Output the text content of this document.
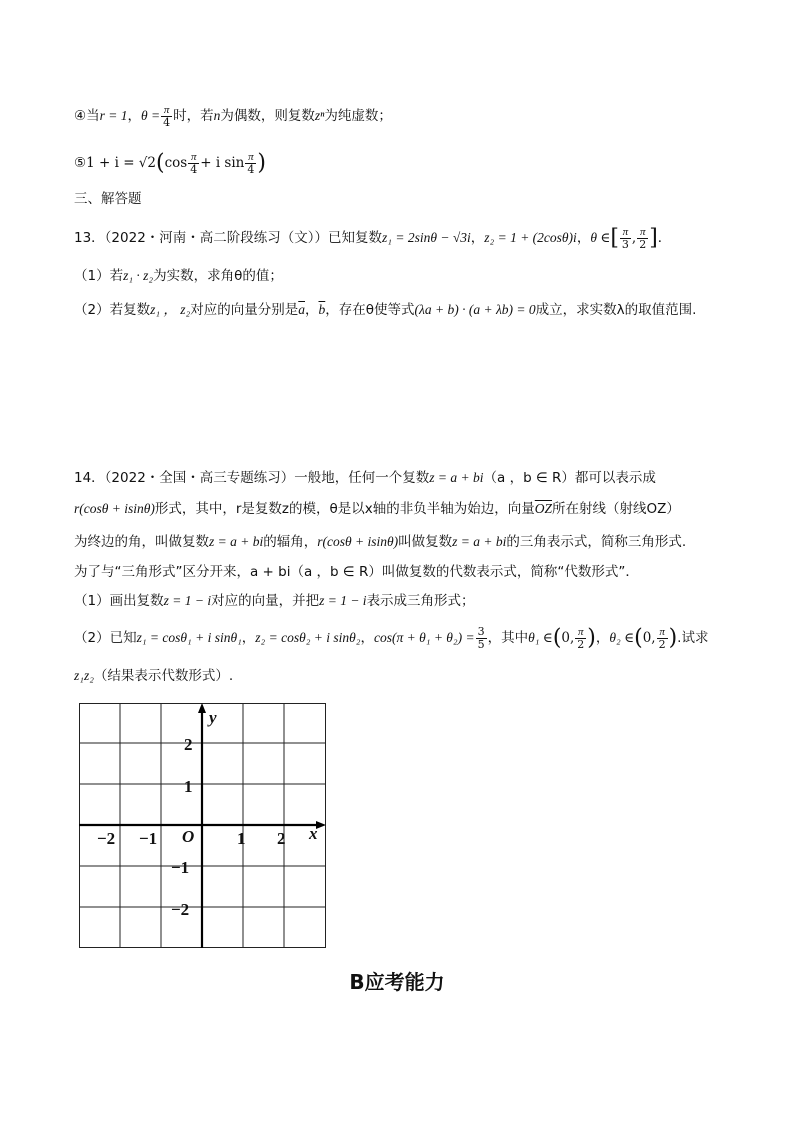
④当r = 1，$\theta = \frac{\pi}{4}$ 时，若n为偶数，则复数zⁿ为纯虚数；
⑤1 + $i = √2(\cos \frac{\pi}{4} + i$ $\sin \frac{\pi}{4}$ )
三、解答题
13．（2022・河南・高二阶段练习（文））已知复数z₁ = 2sinθ − √3i，z₂ = 1 + (2cosθ)i，θ ∈[ $\frac{\pi}{3}$ , $\frac{\pi}{2}$ ]．
（1）若z₁ · z₂为实数，求角θ的值；
（2）若复数z₁ ， z₂对应的向量分别是$\overline{a}$，$\overline{b}$，存在θ使等式(λa + b) · (a + λb) = 0成立，求实数λ的取值范围.
14．（2022・全国・高三专题练习）一般地，任何一个复数z = a + bi（a ，b ∈ R）都可以表示成
r(cosθ + isinθ)形式，其中，r是复数z的模，θ是以x轴的非负半轴为始边，向量$\overline{OZ}$所在射线（射线OZ）
为终边的角，叫做复数z = a + bi的辐角，r(cosθ + isinθ)叫做复数z = a + bi的三角表示式，简称三角形式.
为了与“三角形式”区分开来，a + bi（a ，b ∈ R）叫做复数的代数表示式，简称“代数形式”．
（1）画出复数z = 1 − i对应的向量，并把z = 1 − i表示成三角形式；
（2）已知z₁ = cosθ₁ + i sinθ₁，z₂ = cosθ₂ + i sinθ₂，$\cos(\pi + \theta_1 + \theta_2) = \frac{3}{5}$ ，其中θ₁ ∈(0, $\frac{\pi}{2}$ )，θ₂ ∈(0, $\frac{\pi}{2}$ ).试求
z₁z₂（结果表示代数形式）.
y
x
O
−2 −1	1 2
2
1
−1
−2
B应考能力
